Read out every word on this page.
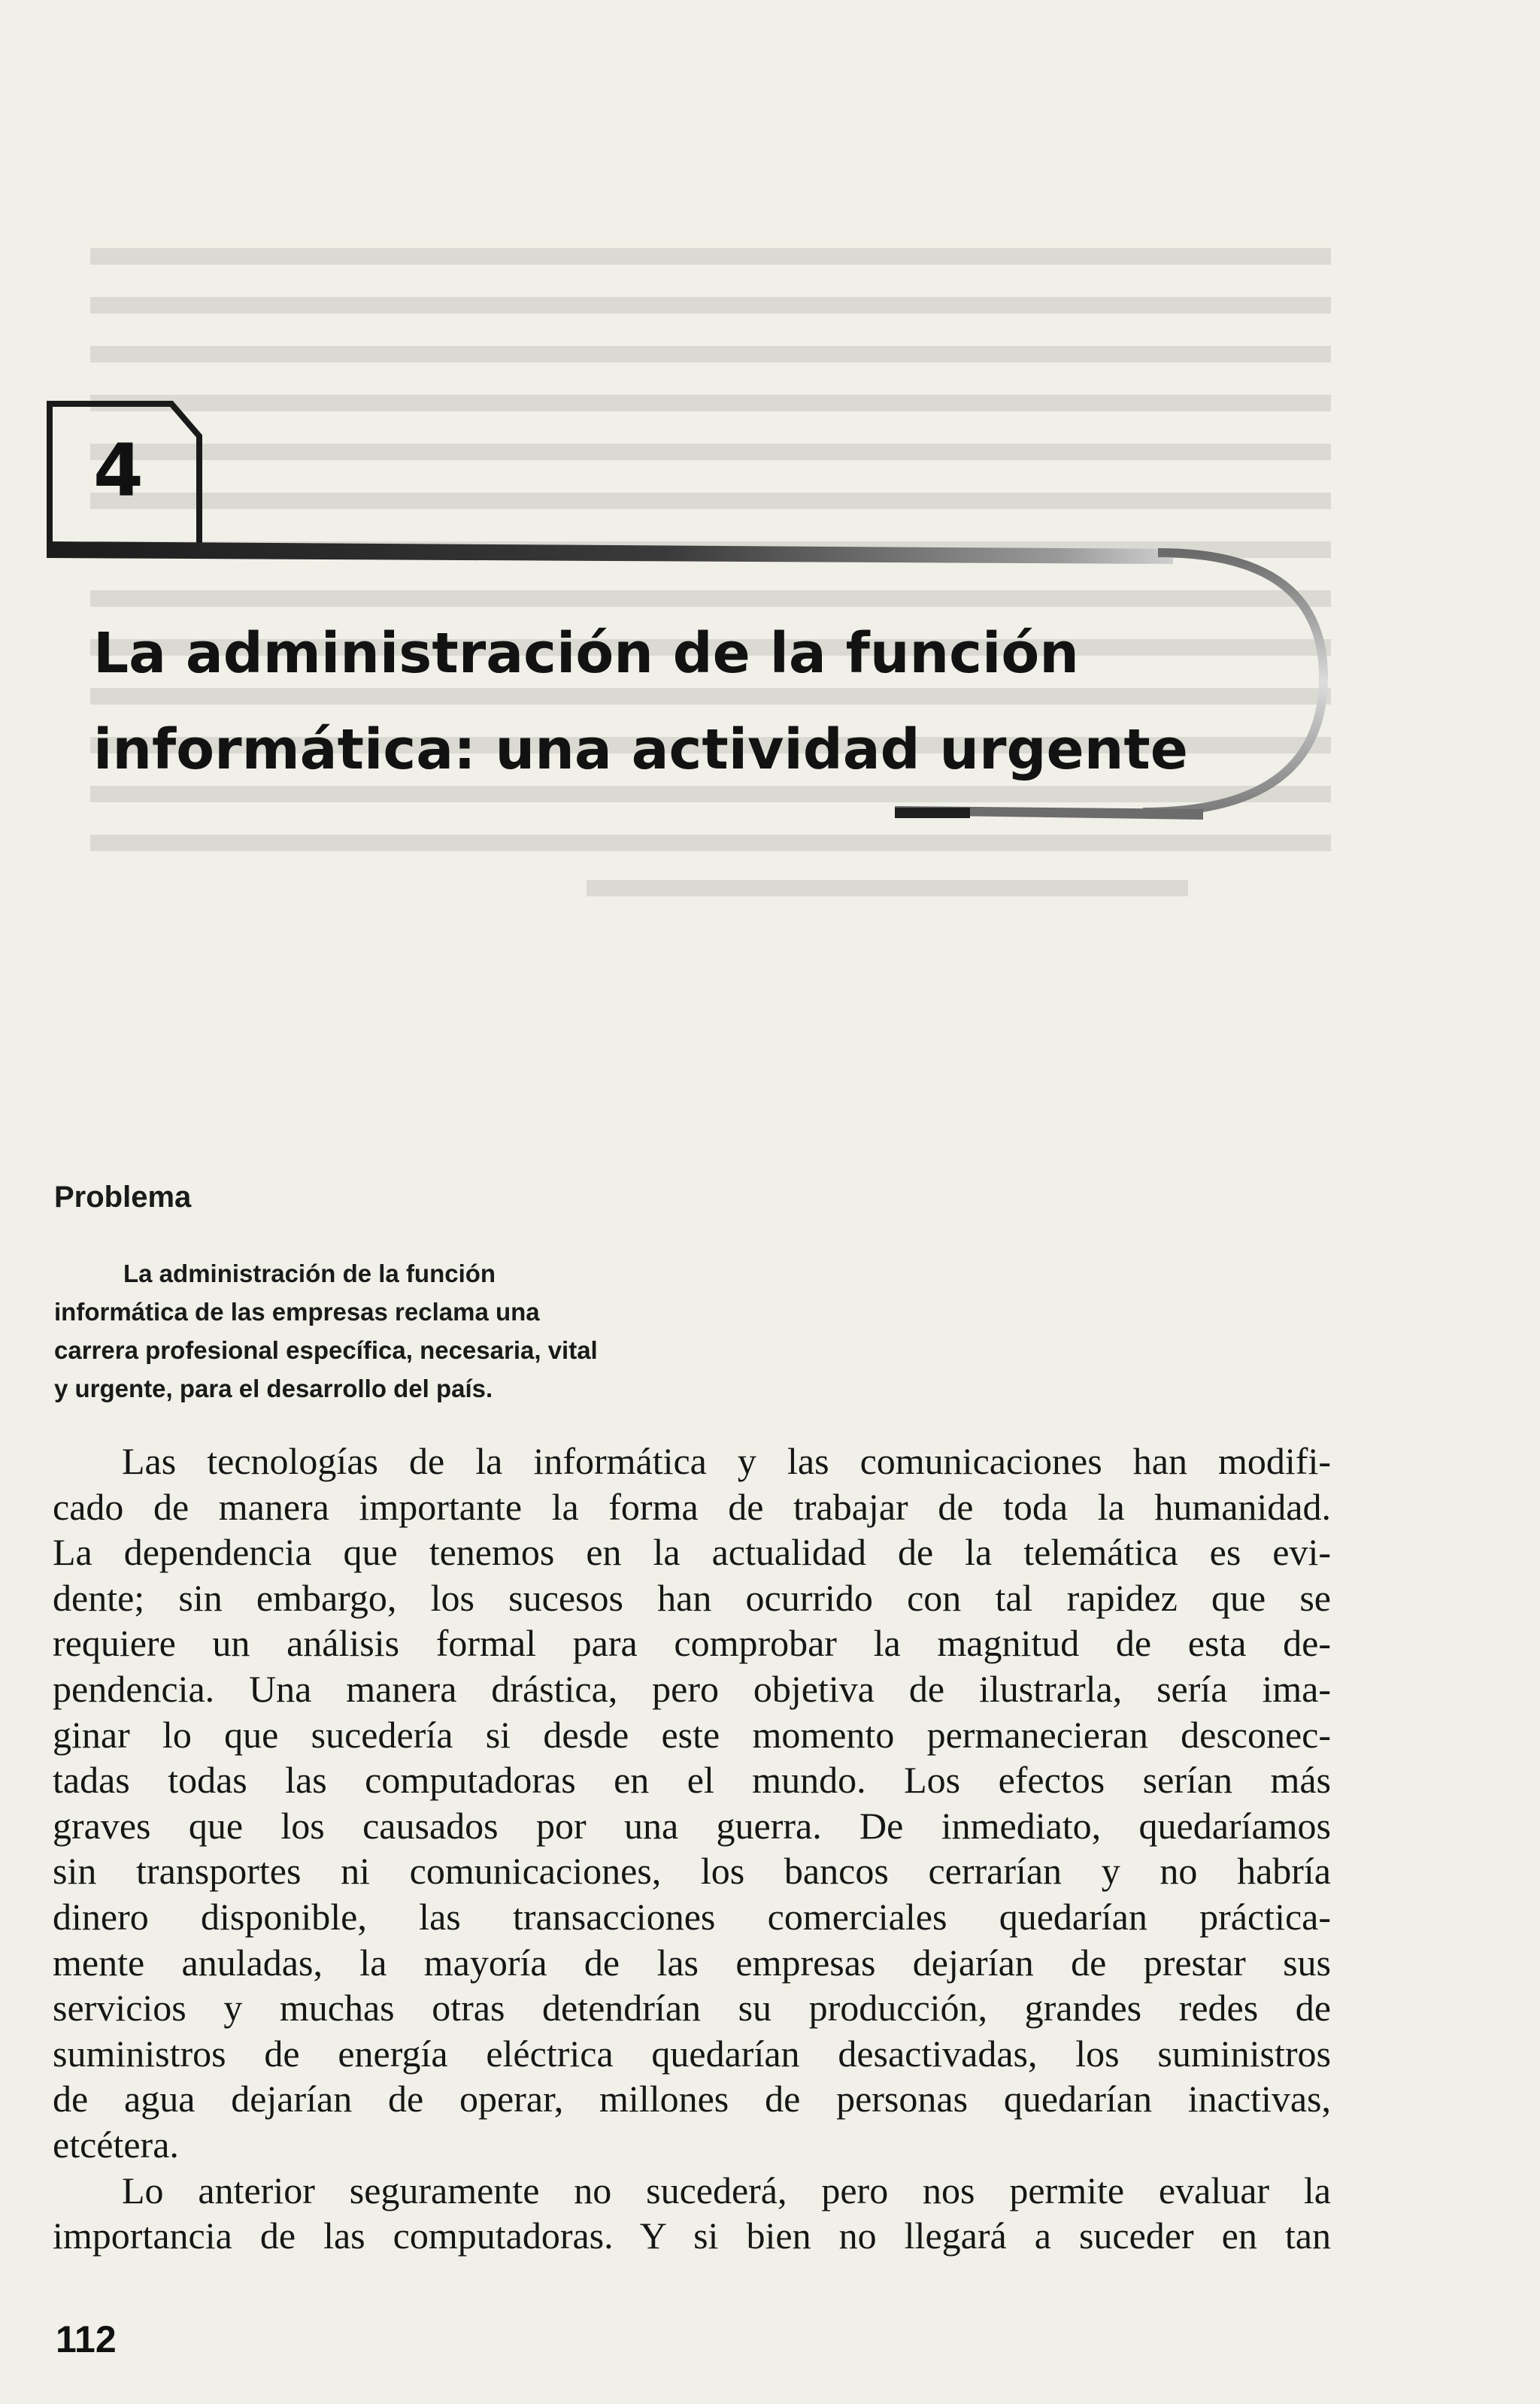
4
La administración de la función
informática: una actividad urgente
Problema
La administración de la función
informática de las empresas reclama una
carrera profesional específica, necesaria, vital
y urgente, para el desarrollo del país.
Las tecnologías de la informática y las comunicaciones han modifi-
cado de manera importante la forma de trabajar de toda la humanidad.
La dependencia que tenemos en la actualidad de la telemática es evi-
dente; sin embargo, los sucesos han ocurrido con tal rapidez que se
requiere un análisis formal para comprobar la magnitud de esta de-
pendencia. Una manera drástica, pero objetiva de ilustrarla, sería ima-
ginar lo que sucedería si desde este momento permanecieran desconec-
tadas todas las computadoras en el mundo. Los efectos serían más
graves que los causados por una guerra. De inmediato, quedaríamos
sin transportes ni comunicaciones, los bancos cerrarían y no habría
dinero disponible, las transacciones comerciales quedarían práctica-
mente anuladas, la mayoría de las empresas dejarían de prestar sus
servicios y muchas otras detendrían su producción, grandes redes de
suministros de energía eléctrica quedarían desactivadas, los suministros
de agua dejarían de operar, millones de personas quedarían inactivas,
etcétera.
Lo anterior seguramente no sucederá, pero nos permite evaluar la
importancia de las computadoras. Y si bien no llegará a suceder en tan
112
